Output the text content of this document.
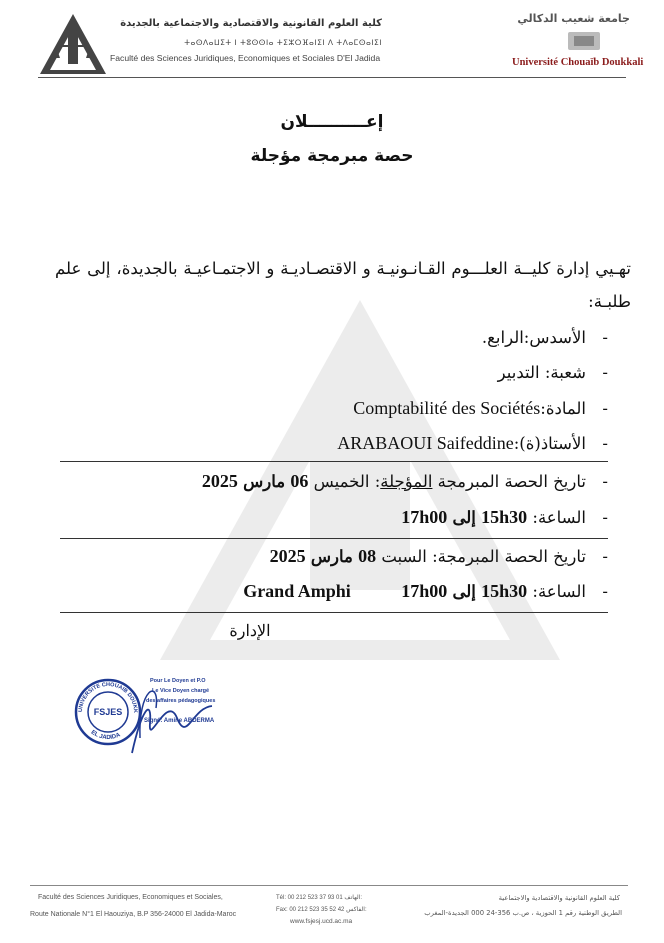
كلية العلوم القانونية والاقتصادية والاجتماعية بالجديدة
ⵜⴰⵙⴷⴰⵡⵉⵜ ⵏ ⵜⵓⵙⵙⵏⴰ ⵜⵉⵣⵔⴼⴰⵏⵉⵏ ⴷ ⵜⴷⴰⵎⵙⴰⵏⵉⵏ
Faculté des Sciences Juridiques, Economiques et Sociales D'El Jadida
جامعة شعيب الدكالي
Université Chouaïb Doukkali
إعــــــــــلان
حصة مبرمجة مؤجلة
تهـيي إدارة كليــة العلـــوم القـانـونيـة و الاقتصـاديـة و الاجتمـاعيـة بالجديدة، إلى علم طلبـة:
-الأسدس:الرابع.
-شعبة: التدبير
-المادة:Comptabilité des Sociétés
-الأستاذ(ة):ARABAOUI Saifeddine
-تاريخ الحصة المبرمجة المؤجلة: الخميس 06 مارس 2025
-الساعة: 15h30 إلى 17h00
-تاريخ الحصة المبرمجة: السبت 08 مارس 2025
-الساعة: 15h30 إلى 17h00  Grand Amphi
الإدارة
UNIVERSITE CHOUAIB DOUKK
EL JADIDA
FSJES
Pour Le Doyen et P.O
Le Vice Doyen chargé
des affaires pédagogiques
Signé: Amine ABDERMA
Faculté des Sciences Juridiques, Economiques et Sociales,
Route Nationale N°1 El Haouziya, B.P 356-24000 El Jadida-Maroc
Tél: 00 212 523 37 93 01 الهاتف:
Fax: 00 212 523 35 52 42 الفاكس:
www.fsjesj.ucd.ac.ma
كلية العلوم القانونية والاقتصادية والاجتماعية
الطريق الوطنية رقم 1 الحوزية ، ص.ب 356-24 000 الجديدة-المغرب
